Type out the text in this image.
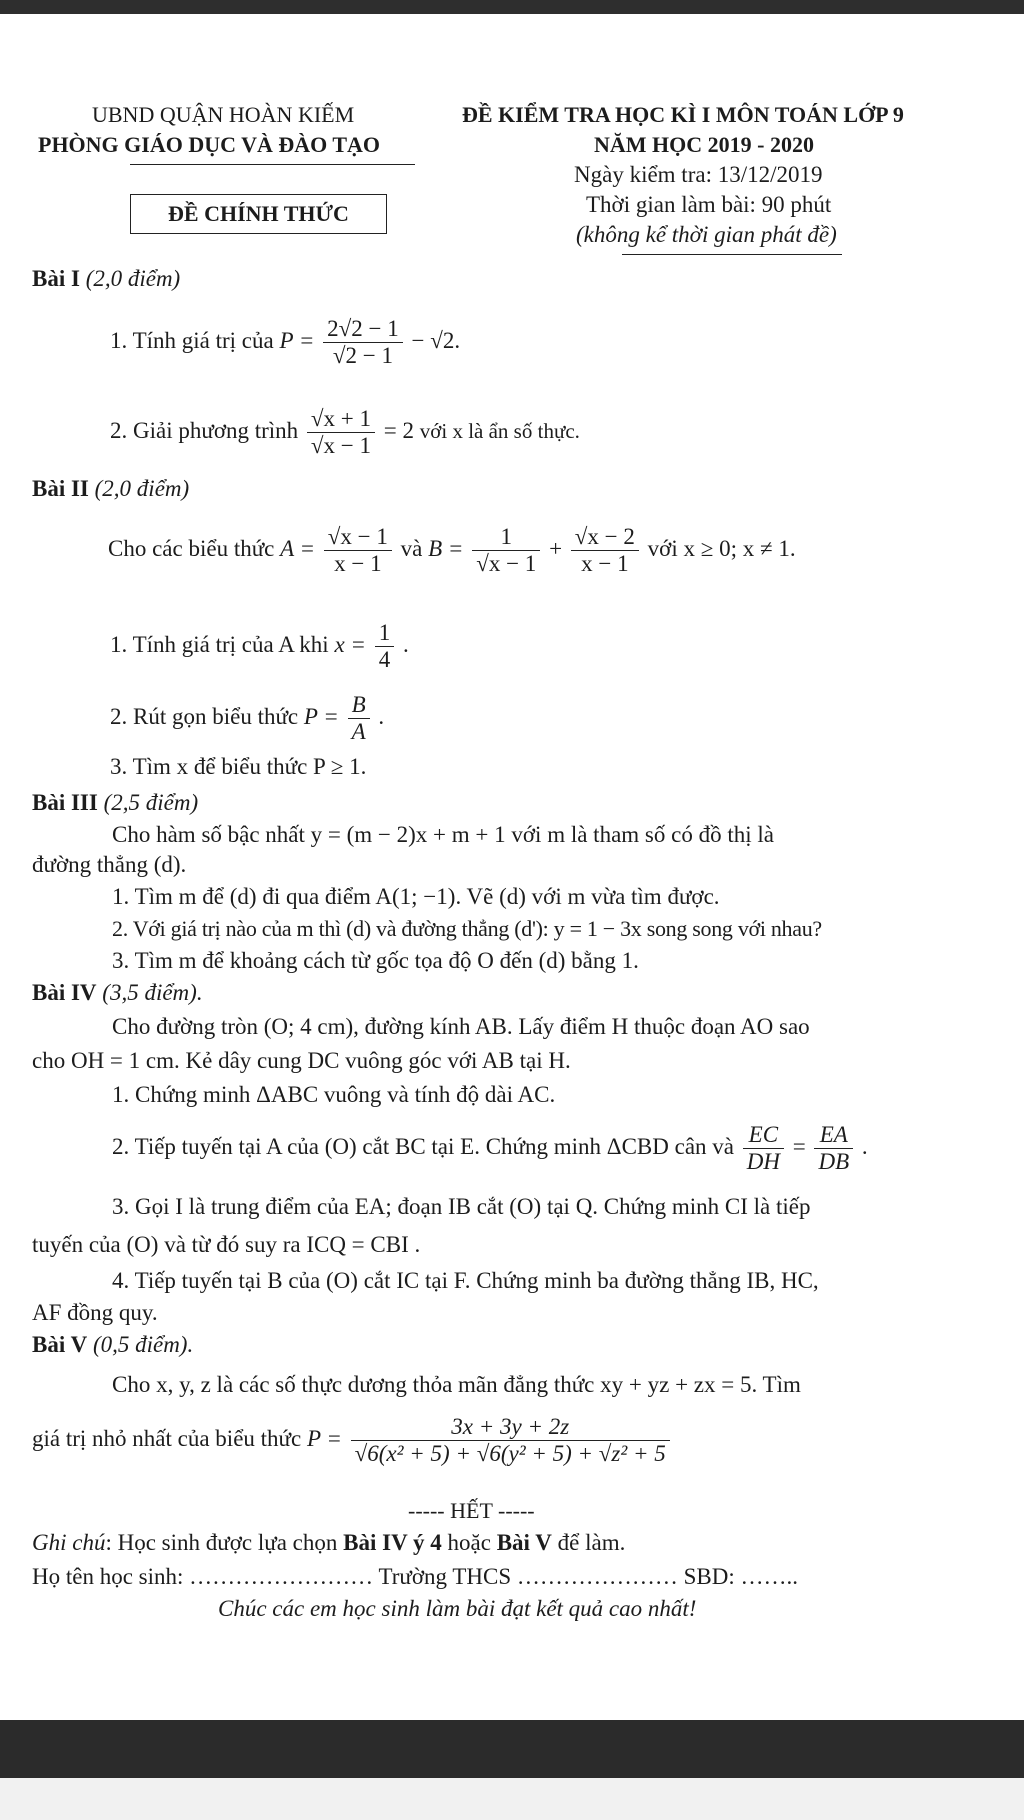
UBND QUẬN HOÀN KIẾM
PHÒNG GIÁO DỤC VÀ ĐÀO TẠO
ĐỀ CHÍNH THỨC
ĐỀ KIỂM TRA HỌC KÌ I MÔN TOÁN LỚP 9
NĂM HỌC 2019 - 2020
Ngày kiểm tra: 13/12/2019
Thời gian làm bài: 90 phút
(không kể thời gian phát đề)
Bài I (2,0 điểm)
1. Tính giá trị của $P = \frac{2√2 - 1}{√2 - 1} - √2$.
2. Giải phương trình $\frac{√x + 1}{√x - 1} = 2$ với x là ẩn số thực.
Bài II (2,0 điểm)
Cho các biểu thức $A = \frac{√x - 1}{x - 1}$ và $B = \frac{1}{√x - 1} + \frac{√x - 2}{x - 1}$ với x ≥ 0; x ≠ 1.
1. Tính giá trị của A khi $x = \frac{1}{4}$ .
2. Rút gọn biểu thức $P = \frac{B}{A}$ .
3. Tìm x để biểu thức P ≥ 1.
Bài III (2,5 điểm)
Cho hàm số bậc nhất y = (m − 2)x + m + 1 với m là tham số có đồ thị là
đường thẳng (d).
1. Tìm m để (d) đi qua điểm A(1; −1). Vẽ (d) với m vừa tìm được.
2. Với giá trị nào của m thì (d) và đường thẳng (d'): y = 1 − 3x song song với nhau?
3. Tìm m để khoảng cách từ gốc tọa độ O đến (d) bằng 1.
Bài IV (3,5 điểm).
Cho đường tròn (O; 4 cm), đường kính AB. Lấy điểm H thuộc đoạn AO sao
cho OH = 1 cm. Kẻ dây cung DC vuông góc với AB tại H.
1. Chứng minh ΔABC vuông và tính độ dài AC.
2. Tiếp tuyến tại A của (O) cắt BC tại E. Chứng minh ΔCBD cân và $\frac{EC}{DH} = \frac{EA}{DB}$ .
3. Gọi I là trung điểm của EA; đoạn IB cắt (O) tại Q. Chứng minh CI là tiếp
tuyến của (O) và từ đó suy ra ICQ = CBI .
4. Tiếp tuyến tại B của (O) cắt IC tại F. Chứng minh ba đường thẳng IB, HC,
AF đồng quy.
Bài V (0,5 điểm).
Cho x, y, z là các số thực dương thỏa mãn đẳng thức xy + yz + zx = 5. Tìm
giá trị nhỏ nhất của biểu thức $P = \frac{3x + 3y + 2z}{\text{√6(x² + 5) + √6(y² + 5) + √z² + 5}}$
----- HẾT -----
Ghi chú: Học sinh được lựa chọn Bài IV ý 4 hoặc Bài V để làm.
Họ tên học sinh: …………………… Trường THCS ………………… SBD: ……..
Chúc các em học sinh làm bài đạt kết quả cao nhất!
